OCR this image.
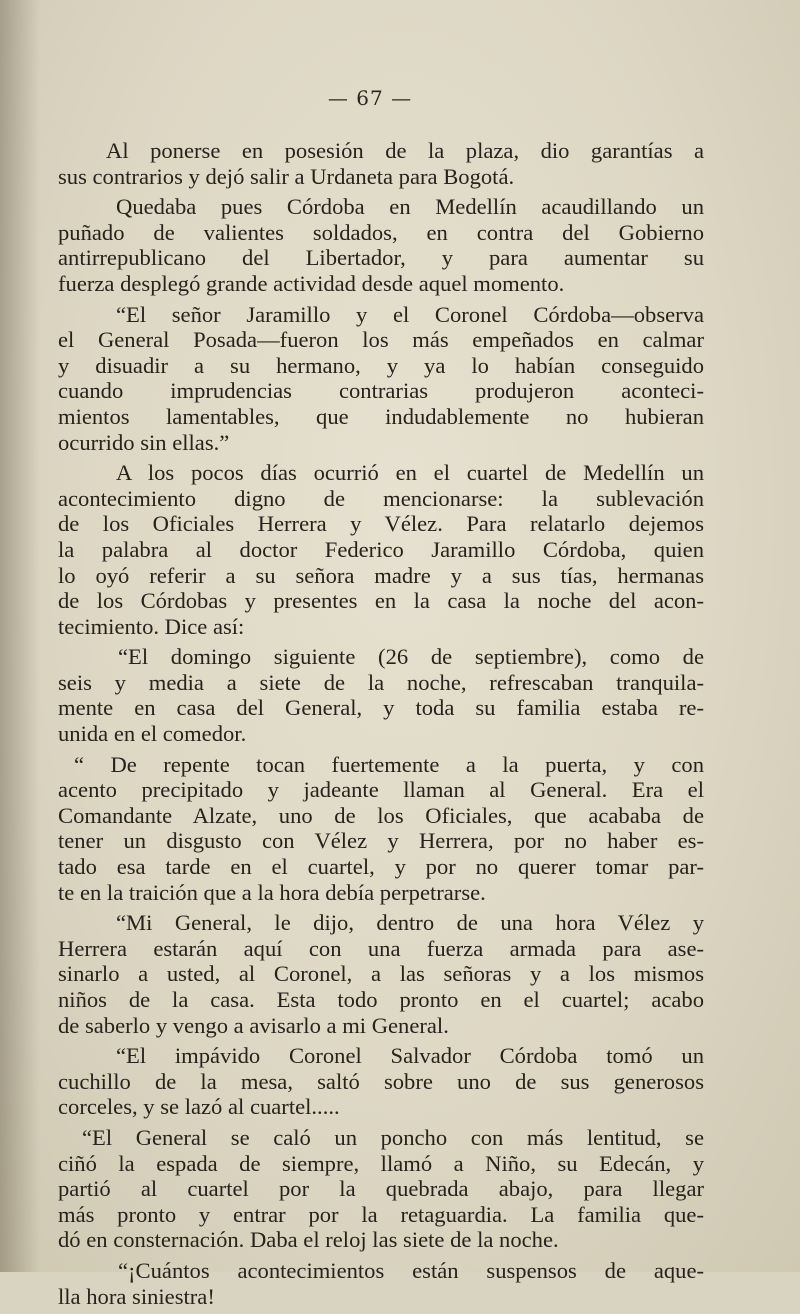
— 67 —
Al ponerse en posesión de la plaza, dio garantías a
sus contrarios y dejó salir a Urdaneta para Bogotá.
Quedaba pues Córdoba en Medellín acaudillando un
puñado de valientes soldados, en contra del Gobierno
antirrepublicano del Libertador, y para aumentar su
fuerza desplegó grande actividad desde aquel momento.
“El señor Jaramillo y el Coronel Córdoba—observa
el General Posada—fueron los más empeñados en calmar
y disuadir a su hermano, y ya lo habían conseguido
cuando imprudencias contrarias produjeron aconteci-
mientos lamentables, que indudablemente no hubieran
ocurrido sin ellas.”
A los pocos días ocurrió en el cuartel de Medellín un
acontecimiento digno de mencionarse: la sublevación
de los Oficiales Herrera y Vélez. Para relatarlo dejemos
la palabra al doctor Federico Jaramillo Córdoba, quien
lo oyó referir a su señora madre y a sus tías, hermanas
de los Córdobas y presentes en la casa la noche del acon-
tecimiento. Dice así:
“El domingo siguiente (26 de septiembre), como de
seis y media a siete de la noche, refrescaban tranquila-
mente en casa del General, y toda su familia estaba re-
unida en el comedor.
“ De repente tocan fuertemente a la puerta, y con
acento precipitado y jadeante llaman al General. Era el
Comandante Alzate, uno de los Oficiales, que acababa de
tener un disgusto con Vélez y Herrera, por no haber es-
tado esa tarde en el cuartel, y por no querer tomar par-
te en la traición que a la hora debía perpetrarse.
“Mi General, le dijo, dentro de una hora Vélez y
Herrera estarán aquí con una fuerza armada para ase-
sinarlo a usted, al Coronel, a las señoras y a los mismos
niños de la casa. Esta todo pronto en el cuartel; acabo
de saberlo y vengo a avisarlo a mi General.
“El impávido Coronel Salvador Córdoba tomó un
cuchillo de la mesa, saltó sobre uno de sus generosos
corceles, y se lazó al cuartel.....
“El General se caló un poncho con más lentitud, se
ciñó la espada de siempre, llamó a Niño, su Edecán, y
partió al cuartel por la quebrada abajo, para llegar
más pronto y entrar por la retaguardia. La familia que-
dó en consternación. Daba el reloj las siete de la noche.
“¡Cuántos acontecimientos están suspensos de aque-
lla hora siniestra!
